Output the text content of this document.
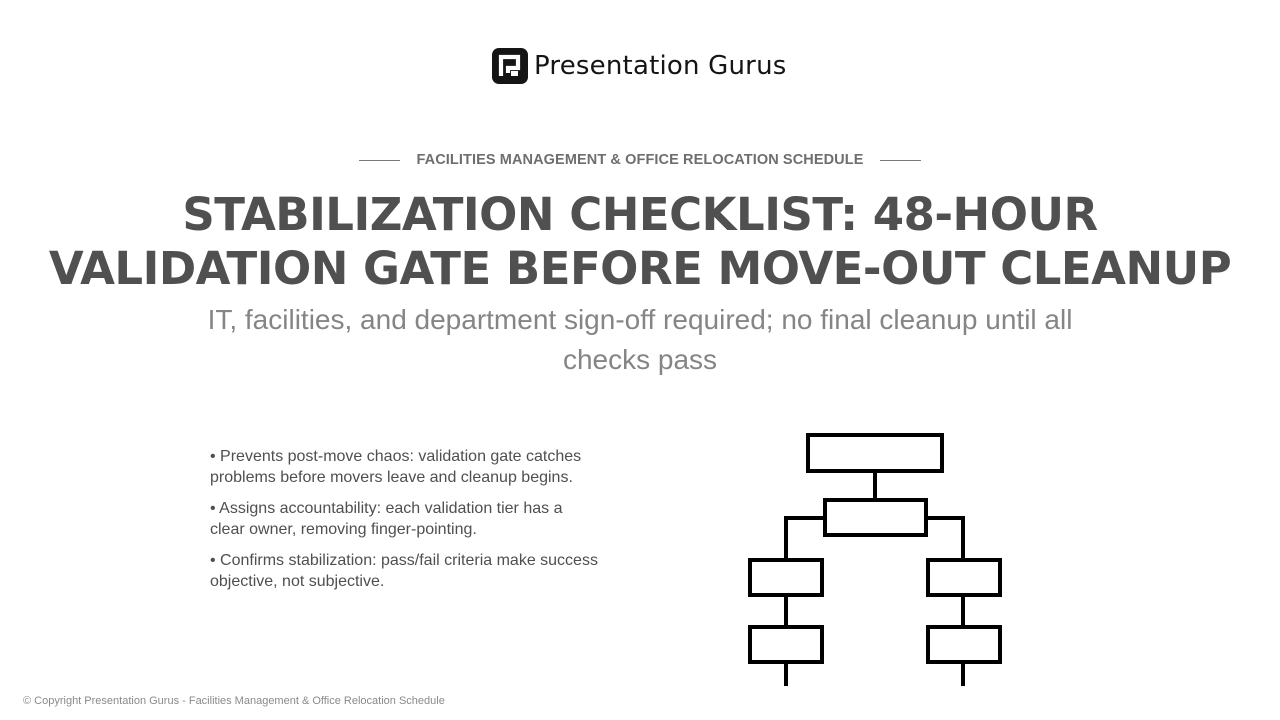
Presentation Gurus
FACILITIES MANAGEMENT & OFFICE RELOCATION SCHEDULE
STABILIZATION CHECKLIST: 48-HOUR
VALIDATION GATE BEFORE MOVE-OUT CLEANUP

IT, facilities, and department sign-off required; no final cleanup until all
checks pass

• Prevents post-move chaos: validation gate catches problems before movers leave and cleanup begins.
• Assigns accountability: each validation tier has a clear owner, removing finger-pointing.
• Confirms stabilization: pass/fail criteria make success objective, not subjective.
© Copyright Presentation Gurus - Facilities Management & Office Relocation Schedule
